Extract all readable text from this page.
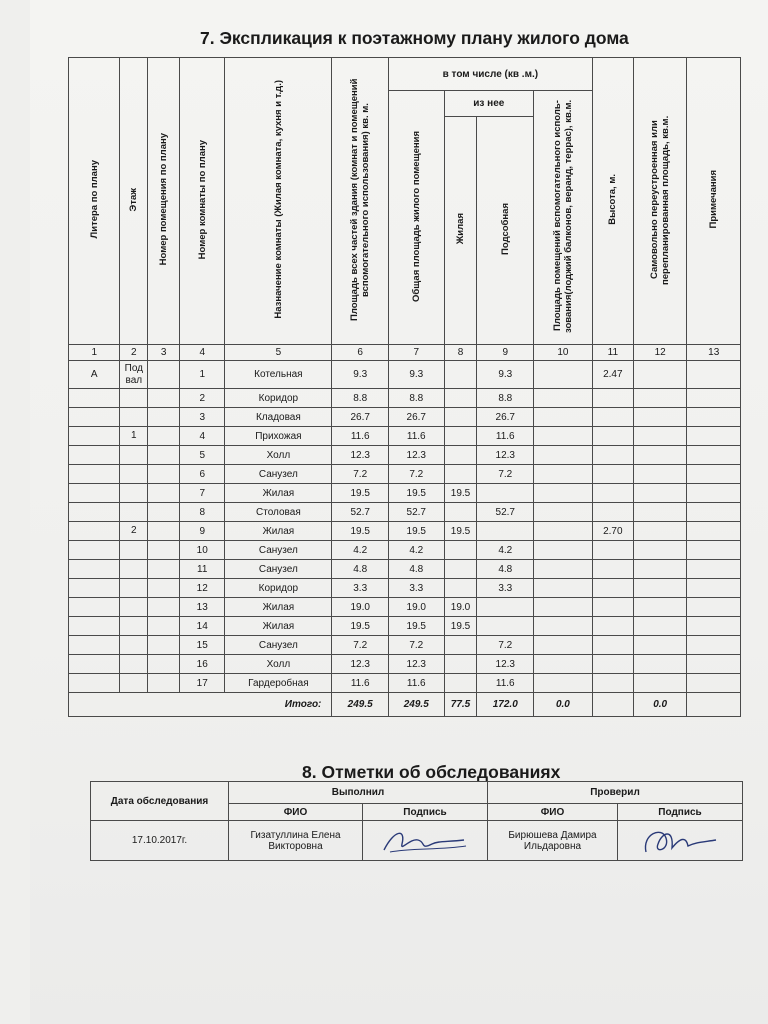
7. Экспликация к поэтажному плану жилого дома
Литера по плану	Этаж	Номер помещения по плану	Номер комнаты по плану	Назначение комнаты (Жилая комната, кухня и т.д.)	Площадь всех частей здания (комнат и помещений вспомогательного использования) кв. м.	в том числе (кв .м.)				Высота, м.	Самовольно переустроенная или перепланированная площадь, кв.м.	Примечания
						Общая площадь жилого помещения	из нее		Площадь помещений вспомогательного исполь- зования(лоджий балконов, веранд, террас), кв.м.			
							Жилая	Подсобная				
1	2	3	4	5	6	7	8	9	10	11	12	13
А	Под вал		1	Котельная	9.3	9.3		9.3		2.47		
			2	Коридор	8.8	8.8		8.8				
			3	Кладовая	26.7	26.7		26.7				
	1		4	Прихожая	11.6	11.6		11.6				
			5	Холл	12.3	12.3		12.3				
			6	Санузел	7.2	7.2		7.2				
			7	Жилая	19.5	19.5	19.5					
			8	Столовая	52.7	52.7		52.7				
	2		9	Жилая	19.5	19.5	19.5			2.70		
			10	Санузел	4.2	4.2		4.2				
			11	Санузел	4.8	4.8		4.8				
			12	Коридор	3.3	3.3		3.3				
			13	Жилая	19.0	19.0	19.0					
			14	Жилая	19.5	19.5	19.5					
			15	Санузел	7.2	7.2		7.2				
			16	Холл	12.3	12.3		12.3				
			17	Гардеробная	11.6	11.6		11.6				
Итого:					249.5	249.5	77.5	172.0	0.0		0.0	
8. Отметки об обследованиях
Дата обследования	Выполнил		Проверил	
	ФИО	Подпись	ФИО	Подпись
17.10.2017г.	Гизатуллина Елена Викторовна		Бирюшева Дамира Ильдаровна	
